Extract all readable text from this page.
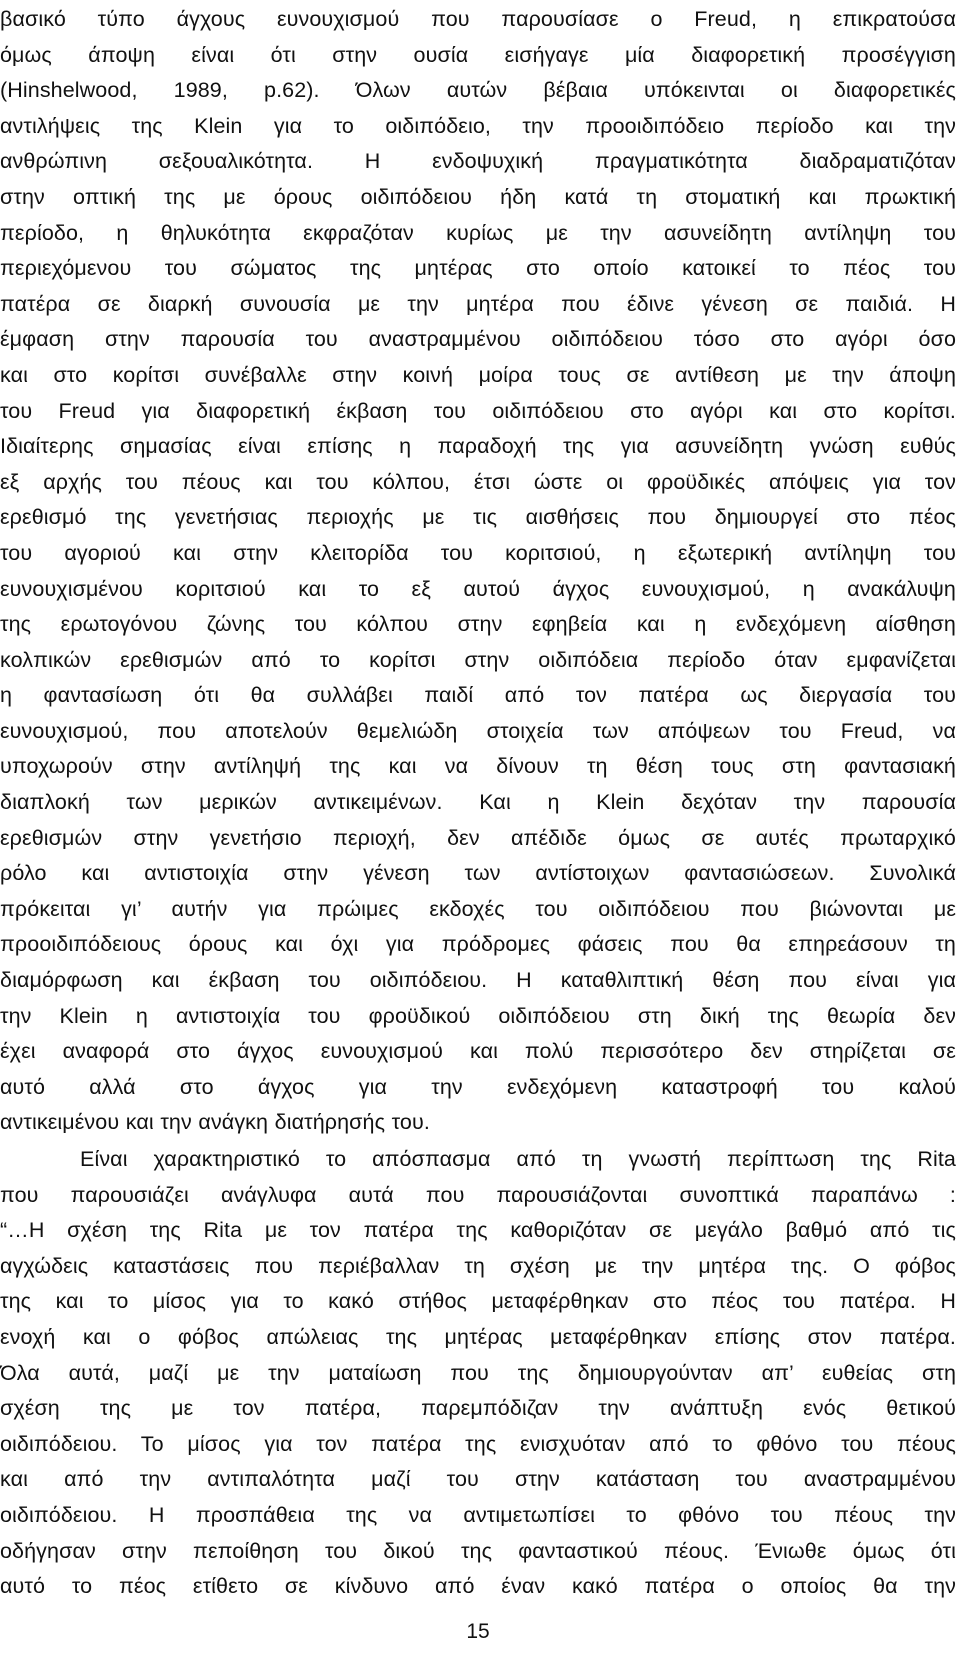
βασικό τύπο άγχους ευνουχισμού που παρουσίασε ο Freud, η επικρατούσα
όμως άποψη είναι ότι στην ουσία εισήγαγε μία διαφορετική προσέγγιση
(Hinshelwood, 1989, p.62). Όλων αυτών βέβαια υπόκεινται οι διαφορετικές
αντιλήψεις της Klein για το οιδιπόδειο, την προοιδιπόδειο περίοδο και την
ανθρώπινη σεξουαλικότητα. Η ενδοψυχική πραγματικότητα διαδραματιζόταν
στην οπτική της με όρους οιδιπόδειου ήδη κατά τη στοματική και πρωκτική
περίοδο, η θηλυκότητα εκφραζόταν κυρίως με την ασυνείδητη αντίληψη του
περιεχόμενου του σώματος της μητέρας στο οποίο κατοικεί το πέος του
πατέρα σε διαρκή συνουσία με την μητέρα που έδινε γένεση σε παιδιά. Η
έμφαση στην παρουσία του αναστραμμένου οιδιπόδειου τόσο στο αγόρι όσο
και στο κορίτσι συνέβαλλε στην κοινή μοίρα τους σε αντίθεση με την άποψη
του Freud για διαφορετική έκβαση του οιδιπόδειου στο αγόρι και στο κορίτσι.
Ιδιαίτερης σημασίας είναι επίσης η παραδοχή της για ασυνείδητη γνώση ευθύς
εξ αρχής του πέους και του κόλπου, έτσι ώστε οι φροϋδικές απόψεις για τον
ερεθισμό της γενετήσιας περιοχής με τις αισθήσεις που δημιουργεί στο πέος
του αγοριού και στην κλειτορίδα του κοριτσιού, η εξωτερική αντίληψη του
ευνουχισμένου κοριτσιού και το εξ αυτού άγχος ευνουχισμού, η ανακάλυψη
της ερωτογόνου ζώνης του κόλπου στην εφηβεία και η ενδεχόμενη αίσθηση
κολπικών ερεθισμών από το κορίτσι στην οιδιπόδεια περίοδο όταν εμφανίζεται
η φαντασίωση ότι θα συλλάβει παιδί από τον πατέρα ως διεργασία του
ευνουχισμού, που αποτελούν θεμελιώδη στοιχεία των απόψεων του Freud, να
υποχωρούν στην αντίληψή της και να δίνουν τη θέση τους στη φαντασιακή
διαπλοκή των μερικών αντικειμένων. Και η Klein δεχόταν την παρουσία
ερεθισμών στην γενετήσιο περιοχή, δεν απέδιδε όμως σε αυτές πρωταρχικό
ρόλο και αντιστοιχία στην γένεση των αντίστοιχων φαντασιώσεων. Συνολικά
πρόκειται γι’ αυτήν για πρώιμες εκδοχές του οιδιπόδειου που βιώνονται με
προοιδιπόδειους όρους και όχι για πρόδρομες φάσεις που θα επηρεάσουν τη
διαμόρφωση και έκβαση του οιδιπόδειου. Η καταθλιπτική θέση που είναι για
την Klein η αντιστοιχία του φροϋδικού οιδιπόδειου στη δική της θεωρία δεν
έχει αναφορά στο άγχος ευνουχισμού και πολύ περισσότερο δεν στηρίζεται σε
αυτό αλλά στο άγχος για την ενδεχόμενη καταστροφή του καλού
αντικειμένου και την ανάγκη διατήρησής του.
Είναι χαρακτηριστικό το απόσπασμα από τη γνωστή περίπτωση της Rita
που παρουσιάζει ανάγλυφα αυτά που παρουσιάζονται συνοπτικά παραπάνω :
“…Η σχέση της Rita με τον πατέρα της καθοριζόταν σε μεγάλο βαθμό από τις
αγχώδεις καταστάσεις που περιέβαλλαν τη σχέση με την μητέρα της. Ο φόβος
της και το μίσος για το κακό στήθος μεταφέρθηκαν στο πέος του πατέρα. Η
ενοχή και ο φόβος απώλειας της μητέρας μεταφέρθηκαν επίσης στον πατέρα.
Όλα αυτά, μαζί με την ματαίωση που της δημιουργούνταν απ’ ευθείας στη
σχέση της με τον πατέρα, παρεμπόδιζαν την ανάπτυξη ενός θετικού
οιδιπόδειου. Το μίσος για τον πατέρα της ενισχυόταν από το φθόνο του πέους
και από την αντιπαλότητα μαζί του στην κατάσταση του αναστραμμένου
οιδιπόδειου. Η προσπάθεια της να αντιμετωπίσει το φθόνο του πέους την
οδήγησαν στην πεποίθηση του δικού της φανταστικού πέους. Ένιωθε όμως ότι
αυτό το πέος ετίθετο σε κίνδυνο από έναν κακό πατέρα ο οποίος θα την
15
